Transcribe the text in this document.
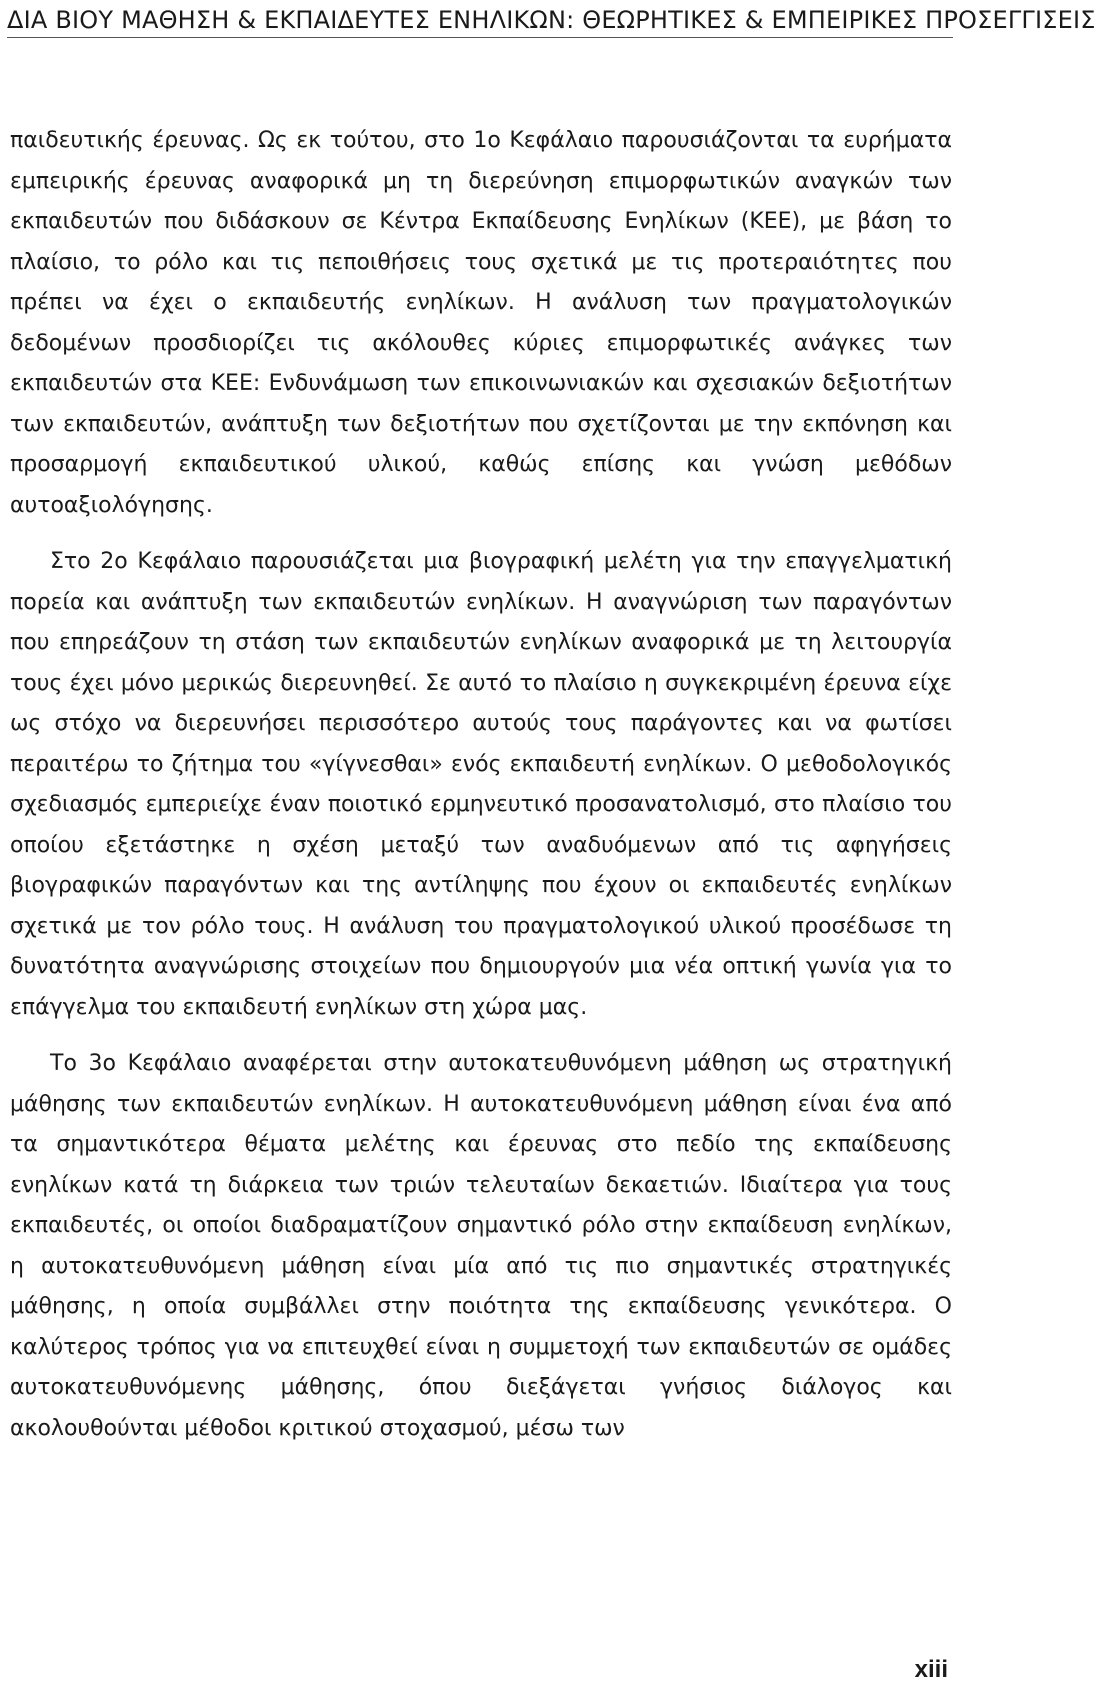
ΔΙΑ ΒΙΟΥ ΜΑΘΗΣΗ & ΕΚΠΑΙΔΕΥΤΕΣ ΕΝΗΛΙΚΩΝ: ΘΕΩΡΗΤΙΚΕΣ & ΕΜΠΕΙΡΙΚΕΣ ΠΡΟΣΕΓΓΙΣΕΙΣ

παιδευτικής έρευνας. Ως εκ τούτου, στο 1ο Κεφάλαιο παρουσιάζονται τα ευρήματα εμπειρικής έρευνας αναφορικά μη τη διερεύνηση επιμορφωτικών αναγκών των εκπαιδευτών που διδάσκουν σε Κέντρα Εκπαίδευσης Ενηλίκων (ΚΕΕ), με βάση το πλαίσιο, το ρόλο και τις πεποιθήσεις τους σχετικά με τις προτεραιότητες που πρέπει να έχει ο εκπαιδευτής ενηλίκων. Η ανάλυση των πραγματολογικών δεδομένων προσδιορίζει τις ακόλουθες κύριες επιμορφωτικές ανάγκες των εκπαιδευτών στα ΚΕΕ: Ενδυνάμωση των επικοινωνιακών και σχεσιακών δεξιοτήτων των εκπαιδευτών, ανάπτυξη των δεξιοτήτων που σχετίζονται με την εκπόνηση και προσαρμογή εκπαιδευτικού υλικού, καθώς επίσης και γνώση μεθόδων αυτοαξιολόγησης.

Στο 2ο Κεφάλαιο παρουσιάζεται μια βιογραφική μελέτη για την επαγγελματική πορεία και ανάπτυξη των εκπαιδευτών ενηλίκων. Η αναγνώριση των παραγόντων που επηρεάζουν τη στάση των εκπαιδευτών ενηλίκων αναφορικά με τη λειτουργία τους έχει μόνο μερικώς διερευνηθεί. Σε αυτό το πλαίσιο η συγκεκριμένη έρευνα είχε ως στόχο να διερευνήσει περισσότερο αυτούς τους παράγοντες και να φωτίσει περαιτέρω το ζήτημα του «γίγνεσθαι» ενός εκπαιδευτή ενηλίκων. Ο μεθοδολογικός σχεδιασμός εμπεριείχε έναν ποιοτικό ερμηνευτικό προσανατολισμό, στο πλαίσιο του οποίου εξετάστηκε η σχέση μεταξύ των αναδυόμενων από τις αφηγήσεις βιογραφικών παραγόντων και της αντίληψης που έχουν οι εκπαιδευτές ενηλίκων σχετικά με τον ρόλο τους. Η ανάλυση του πραγματολογικού υλικού προσέδωσε τη δυνατότητα αναγνώρισης στοιχείων που δημιουργούν μια νέα οπτική γωνία για το επάγγελμα του εκπαιδευτή ενηλίκων στη χώρα μας.

Το 3ο Κεφάλαιο αναφέρεται στην αυτοκατευθυνόμενη μάθηση ως στρατηγική μάθησης των εκπαιδευτών ενηλίκων. Η αυτοκατευθυνόμενη μάθηση είναι ένα από τα σημαντικότερα θέματα μελέτης και έρευνας στο πεδίο της εκπαίδευσης ενηλίκων κατά τη διάρκεια των τριών τελευταίων δεκαετιών. Ιδιαίτερα για τους εκπαιδευτές, οι οποίοι διαδραματίζουν σημαντικό ρόλο στην εκπαίδευση ενηλίκων, η αυτοκατευθυνόμενη μάθηση είναι μία από τις πιο σημαντικές στρατηγικές μάθησης, η οποία συμβάλλει στην ποιότητα της εκπαίδευσης γενικότερα. Ο καλύτερος τρόπος για να επιτευχθεί είναι η συμμετοχή των εκπαιδευτών σε ομάδες αυτοκατευθυνόμενης μάθησης, όπου διεξάγεται γνήσιος διάλογος και ακολουθούνται μέθοδοι κριτικού στοχασμού, μέσω των

xiii
